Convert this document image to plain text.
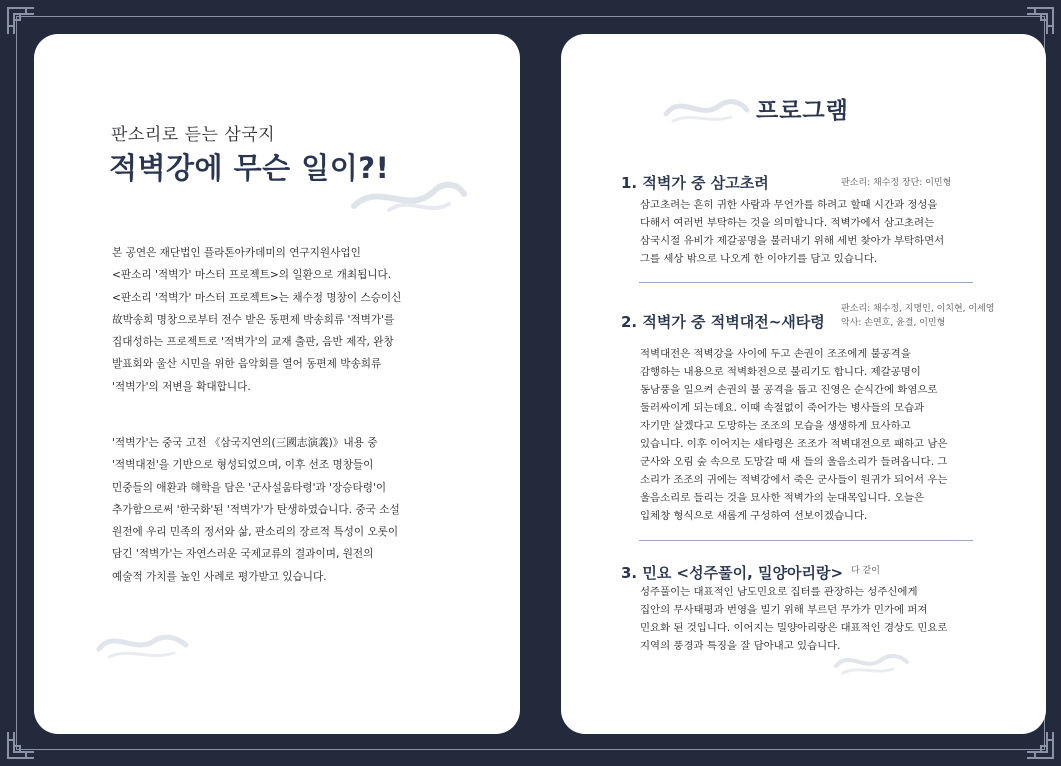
판소리로 듣는 삼국지
적벽강에 무슨 일이?!
본 공연은 재단법인 플라톤아카데미의 연구지원사업인
<판소리 '적벽가' 마스터 프로젝트>의 일환으로 개최됩니다.
<판소리 '적벽가' 마스터 프로젝트>는 채수정 명창이 스승이신
故박송희 명창으로부터 전수 받은 동편제 박송희류 '적벽가'를
집대성하는 프로젝트로 '적벽가'의 교재 출판, 음반 제작, 완창
발표회와 울산 시민을 위한 음악회를 열어 동편제 박송희류
'적벽가'의 저변을 확대합니다.
'적벽가'는 중국 고전 《삼국지연의(三國志演義)》내용 중
'적벽대전'을 기반으로 형성되었으며, 이후 선조 명창들이
민중들의 애환과 해학을 담은 '군사설움타령'과 '장승타령'이
추가함으로써 '한국화'된 '적벽가'가 탄생하였습니다. 중국 소설
원전에 우리 민족의 정서와 삶, 판소리의 장르적 특성이 오롯이
담긴 '적벽가'는 자연스러운 국제교류의 결과이며, 원전의
예술적 가치를 높인 사례로 평가받고 있습니다.
프로그램
1. 적벽가 중 삼고초려	판소리: 채수정 장단: 이민형
삼고초려는 흔히 귀한 사람과 무언가를 하려고 할때 시간과 정성을
다해서 여러번 부탁하는 것을 의미합니다. 적벽가에서 삼고초려는
삼국시절 유비가 제갈공명을 불러내기 위해 세번 찾아가 부탁하면서
그를 세상 밖으로 나오게 한 이야기를 담고 있습니다.
2. 적벽가 중 적벽대전~새타령
판소리: 채수정, 지명인, 이치현, 이세영
악사: 손연호, 윤결, 이민형
적벽대전은 적벽강을 사이에 두고 손권이 조조에게 불공격을
감행하는 내용으로 적벽화전으로 불리기도 합니다. 제갈공명이
동남풍을 일으켜 손권의 불 공격을 돕고 진영은 순식간에 화염으로
둘러싸이게 되는데요. 이때 속절없이 죽어가는 병사들의 모습과
자기만 살겠다고 도망하는 조조의 모습을 생생하게 묘사하고
있습니다. 이후 이어지는 새타령은 조조가 적벽대전으로 패하고 남은
군사와 오림 숲 속으로 도망갈 때 새 들의 울음소리가 들려옵니다. 그
소리가 조조의 귀에는 적벽강에서 죽은 군사들이 원귀가 되어서 우는
울음소리로 들리는 것을 묘사한 적벽가의 눈대목입니다. 오늘은
입체창 형식으로 새롭게 구성하여 선보이겠습니다.
3. 민요 <성주풀이, 밀양아리랑> 다 같이
성주풀이는 대표적인 남도민요로 집터를 관장하는 성주신에게
집안의 무사태평과 번영을 빌기 위해 부르던 무가가 민가에 퍼져
민요화 된 것입니다. 이어지는 밀양아리랑은 대표적인 경상도 민요로
지역의 풍경과 특징을 잘 담아내고 있습니다.
